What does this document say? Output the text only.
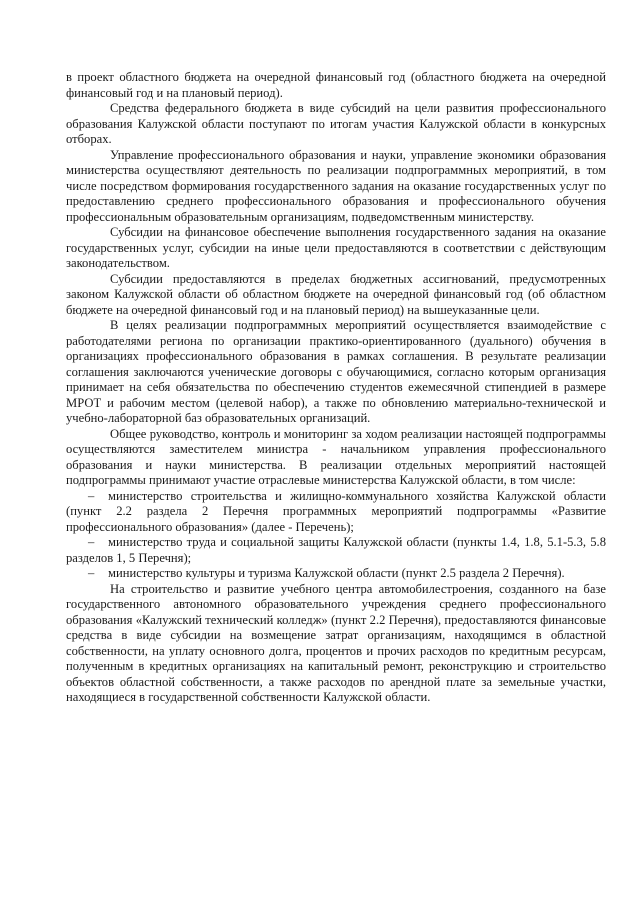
в проект областного бюджета на очередной финансовый год (областного бюджета на очередной финансовый год и на плановый период).

Средства федерального бюджета в виде субсидий на цели развития профессионального образования Калужской области поступают по итогам участия Калужской области в конкурсных отборах.

Управление профессионального образования и науки, управление экономики образования министерства осуществляют деятельность по реализации подпрограммных мероприятий, в том числе посредством формирования государственного задания на оказание государственных услуг по предоставлению среднего профессионального образования и профессионального обучения профессиональным образовательным организациям, подведомственным министерству.

Субсидии на финансовое обеспечение выполнения государственного задания на оказание государственных услуг, субсидии на иные цели предоставляются в соответствии с действующим законодательством.

Субсидии предоставляются в пределах бюджетных ассигнований, предусмотренных законом Калужской области об областном бюджете на очередной финансовый год (об областном бюджете на очередной финансовый год и на плановый период) на вышеуказанные цели.

В целях реализации подпрограммных мероприятий осуществляется взаимодействие с работодателями региона по организации практико-ориентированного (дуального) обучения в организациях профессионального образования в рамках соглашения. В результате реализации соглашения заключаются ученические договоры с обучающимися, согласно которым организация принимает на себя обязательства по обеспечению студентов ежемесячной стипендией в размере МРОТ и рабочим местом (целевой набор), а также по обновлению материально-технической и учебно-лабораторной баз образовательных организаций.

Общее руководство, контроль и мониторинг за ходом реализации настоящей подпрограммы осуществляются заместителем министра - начальником управления профессионального образования и науки министерства. В реализации отдельных мероприятий настоящей подпрограммы принимают участие отраслевые министерства Калужской области, в том числе:

– министерство строительства и жилищно-коммунального хозяйства Калужской области (пункт 2.2 раздела 2 Перечня программных мероприятий подпрограммы «Развитие профессионального образования» (далее - Перечень);

– министерство труда и социальной защиты Калужской области (пункты 1.4, 1.8, 5.1-5.3, 5.8 разделов 1, 5 Перечня);

– министерство культуры и туризма Калужской области (пункт 2.5 раздела 2 Перечня).

На строительство и развитие учебного центра автомобилестроения, созданного на базе государственного автономного образовательного учреждения среднего профессионального образования «Калужский технический колледж» (пункт 2.2 Перечня), предоставляются финансовые средства в виде субсидии на возмещение затрат организациям, находящимся в областной собственности, на уплату основного долга, процентов и прочих расходов по кредитным ресурсам, полученным в кредитных организациях на капитальный ремонт, реконструкцию и строительство объектов областной собственности, а также расходов по арендной плате за земельные участки, находящиеся в государственной собственности Калужской области.
